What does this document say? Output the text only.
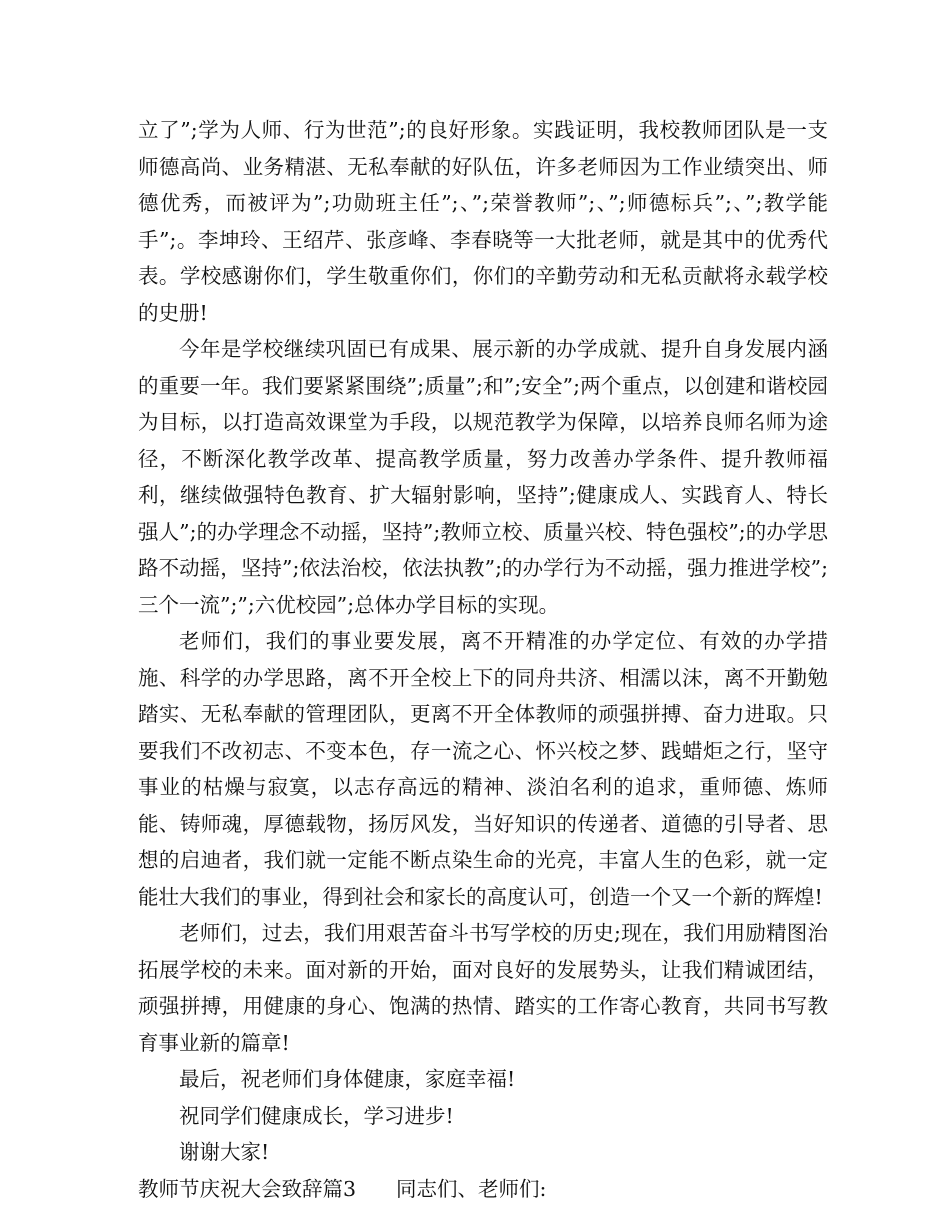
立了”;学为人师、行为世范”;的良好形象。实践证明，我校教师团队是一支师德高尚、业务精湛、无私奉献的好队伍，许多老师因为工作业绩突出、师德优秀，而被评为”;功勋班主任”;、”;荣誉教师”;、”;师德标兵”;、”;教学能手”;。李坤玲、王绍芹、张彦峰、李春晓等一大批老师，就是其中的优秀代表。学校感谢你们，学生敬重你们，你们的辛勤劳动和无私贡献将永载学校的史册!

今年是学校继续巩固已有成果、展示新的办学成就、提升自身发展内涵的重要一年。我们要紧紧围绕”;质量”;和”;安全”;两个重点，以创建和谐校园为目标，以打造高效课堂为手段，以规范教学为保障，以培养良师名师为途径，不断深化教学改革、提高教学质量，努力改善办学条件、提升教师福利，继续做强特色教育、扩大辐射影响，坚持”;健康成人、实践育人、特长强人”;的办学理念不动摇，坚持”;教师立校、质量兴校、特色强校”;的办学思路不动摇，坚持”;依法治校，依法执教”;的办学行为不动摇，强力推进学校”;三个一流”;”;六优校园”;总体办学目标的实现。

老师们，我们的事业要发展，离不开精准的办学定位、有效的办学措施、科学的办学思路，离不开全校上下的同舟共济、相濡以沫，离不开勤勉踏实、无私奉献的管理团队，更离不开全体教师的顽强拼搏、奋力进取。只要我们不改初志、不变本色，存一流之心、怀兴校之梦、践蜡炬之行，坚守事业的枯燥与寂寞，以志存高远的精神、淡泊名利的追求，重师德、炼师能、铸师魂，厚德载物，扬厉风发，当好知识的传递者、道德的引导者、思想的启迪者，我们就一定能不断点染生命的光亮，丰富人生的色彩，就一定能壮大我们的事业，得到社会和家长的高度认可，创造一个又一个新的辉煌!

老师们，过去，我们用艰苦奋斗书写学校的历史;现在，我们用励精图治拓展学校的未来。面对新的开始，面对良好的发展势头，让我们精诚团结，顽强拼搏，用健康的身心、饱满的热情、踏实的工作寄心教育，共同书写教育事业新的篇章!

最后，祝老师们身体健康，家庭幸福!

祝同学们健康成长，学习进步!

谢谢大家!

教师节庆祝大会致辞篇3 同志们、老师们:
